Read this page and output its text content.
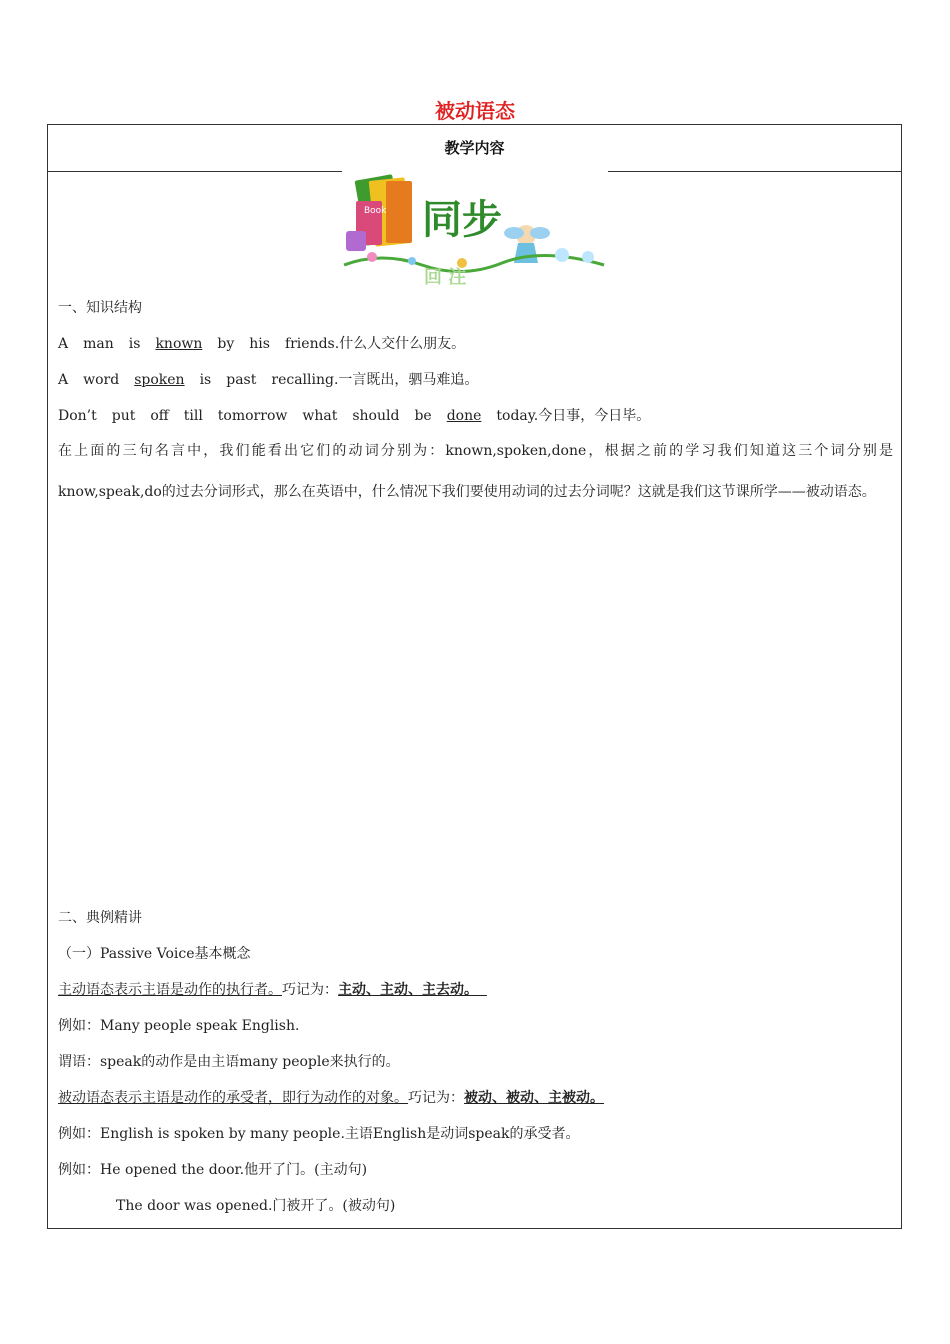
被动语态
教学内容
Book 同步
回 注
一、知识结构
A man is known by his friends.什么人交什么朋友。
A word spoken is past recalling.一言既出，驷马难追。
Don’t put off till tomorrow what should be done today.今日事，今日毕。
在上面的三句名言中，我们能看出它们的动词分别为：known,spoken,done，根据之前的学习我们知道这三个词分别是know,speak,do的过去分词形式，那么在英语中，什么情况下我们要使用动词的过去分词呢？这就是我们这节课所学——被动语态。
二、典例精讲
（一）Passive Voice基本概念
主动语态表示主语是动作的执行者。巧记为：主动、主动、主去动。
例如：Many people speak English.
谓语：speak的动作是由主语many people来执行的。
被动语态表示主语是动作的承受者，即行为动作的对象。巧记为：被动、被动、主被动。
例如：English is spoken by many people.主语English是动词speak的承受者。
例如：He opened the door.他开了门。(主动句)
The door was opened.门被开了。(被动句)
